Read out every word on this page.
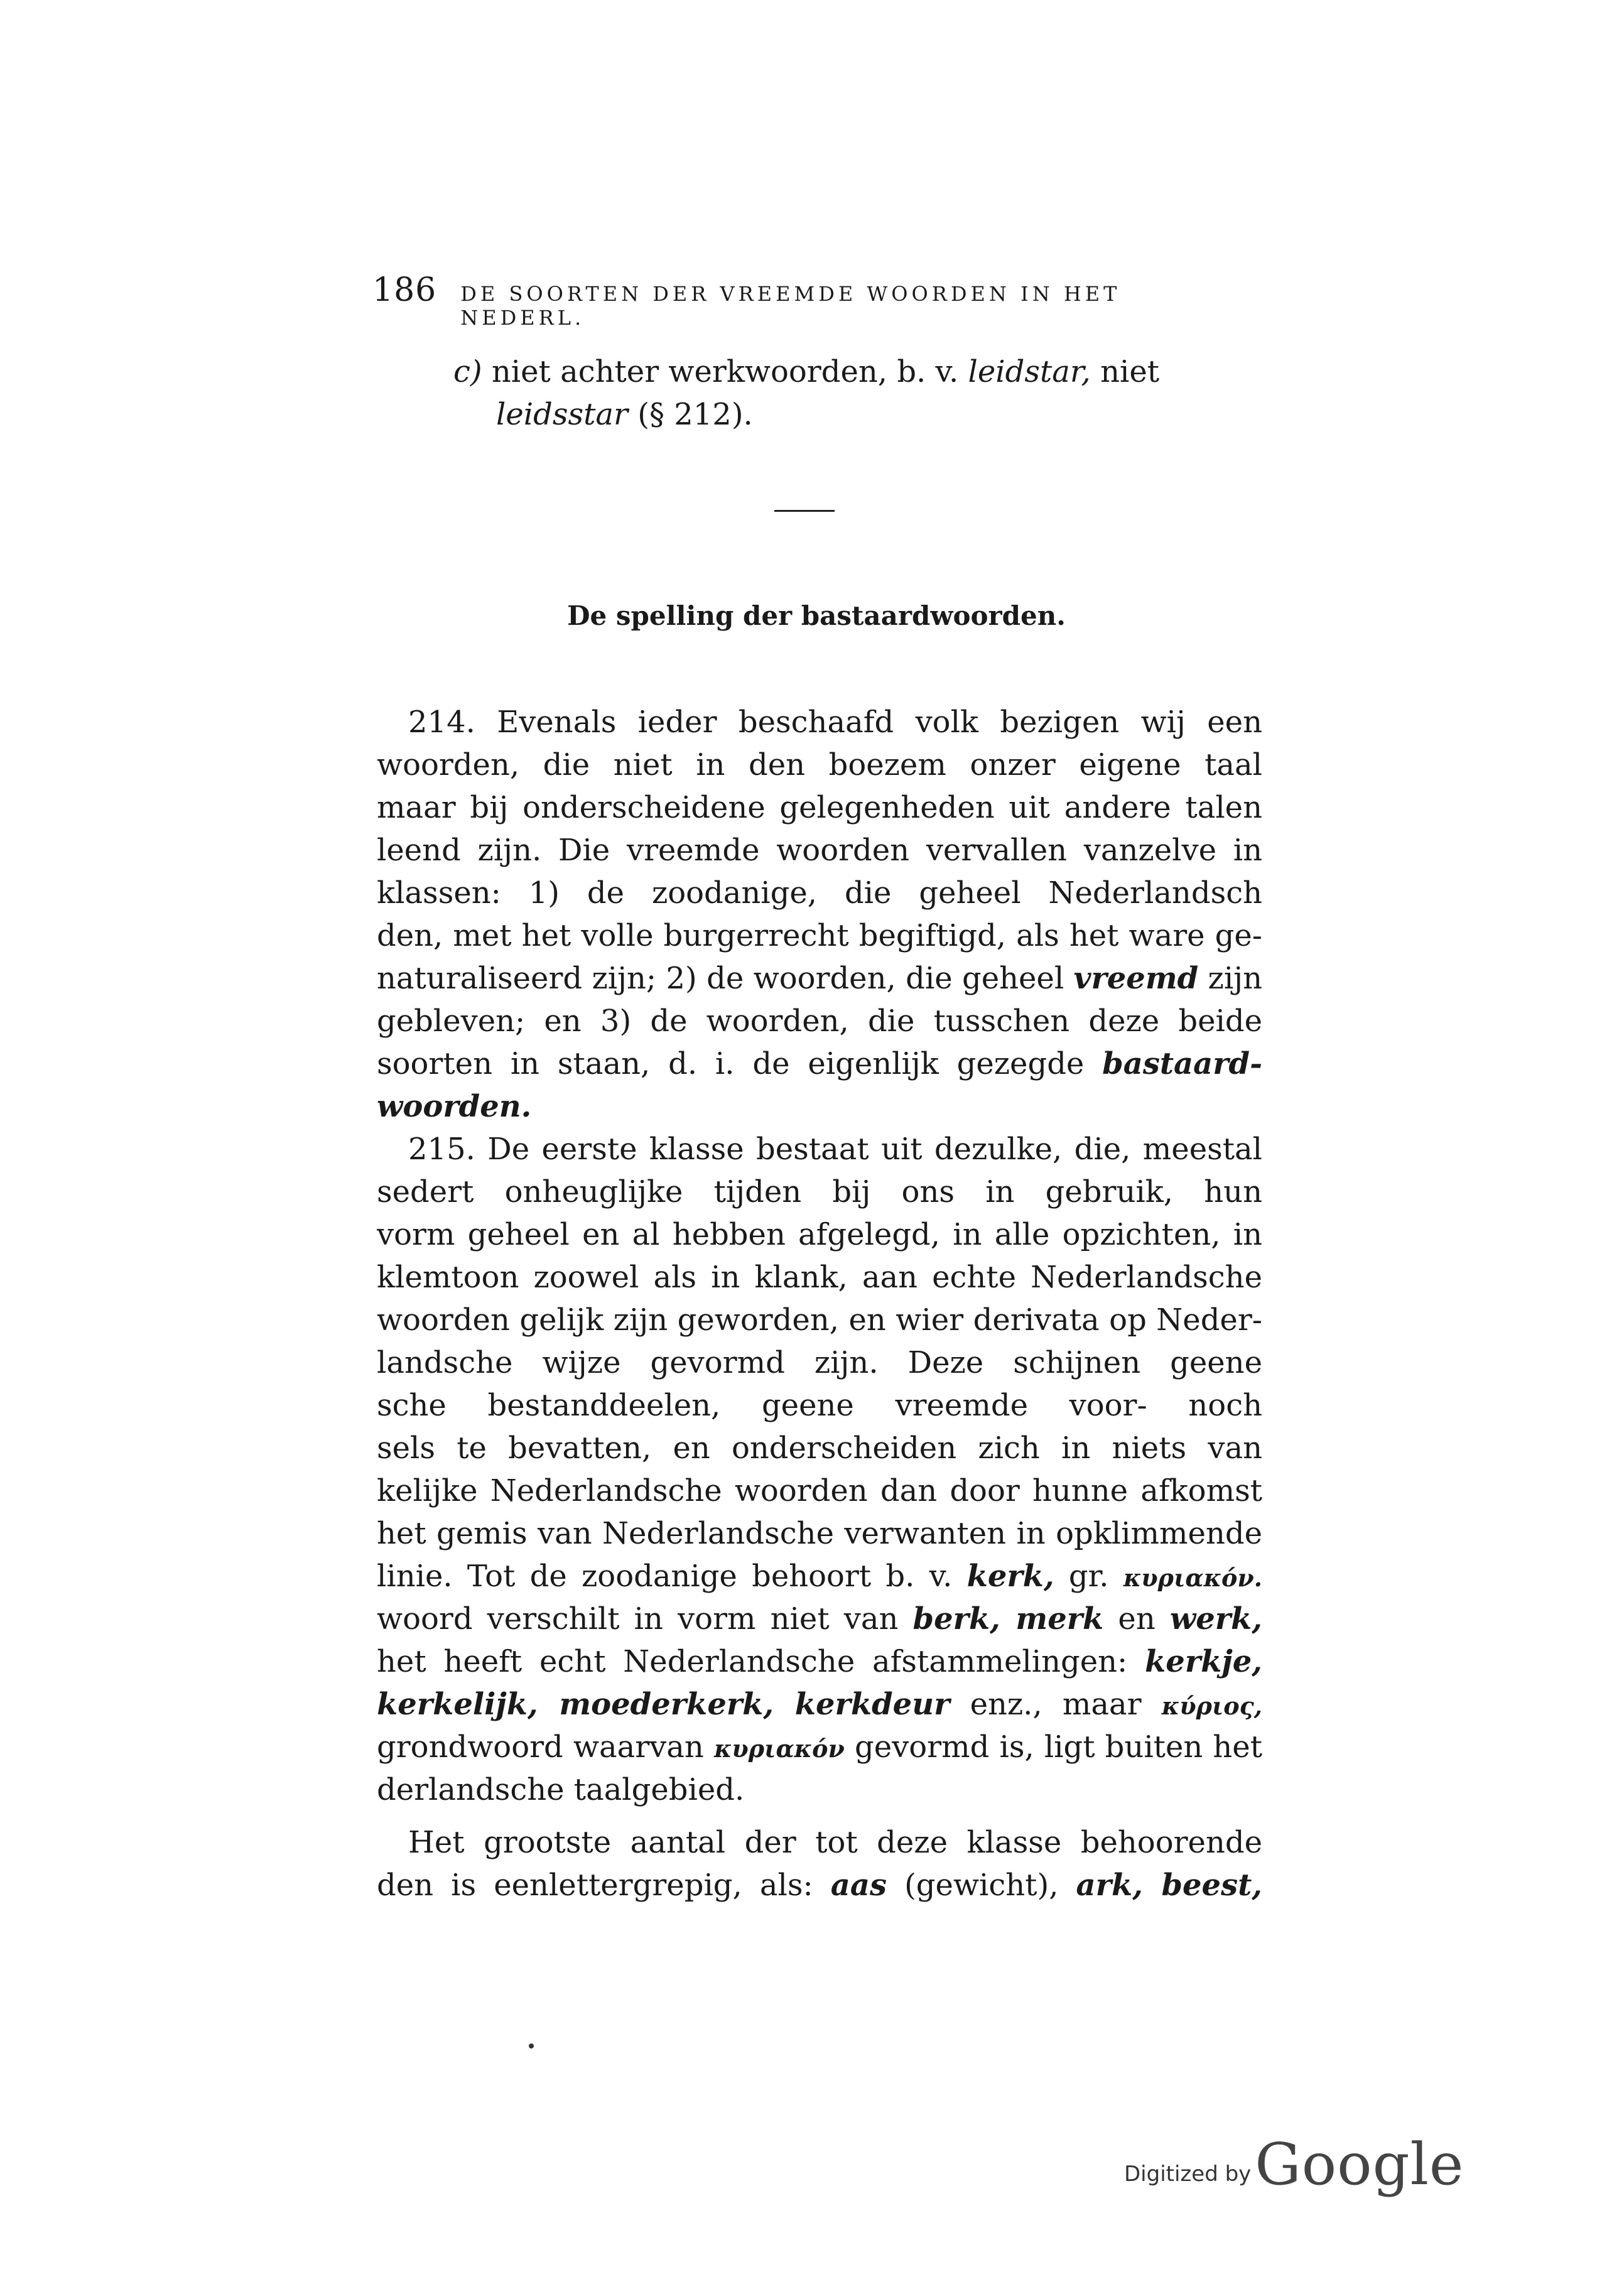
186 DE SOORTEN DER VREEMDE WOORDEN IN HET NEDERL.
c) niet achter werkwoorden, b. v. leidstar, niet
leidsstar (§ 212).
De spelling der bastaardwoorden.
214. Evenals ieder beschaafd volk bezigen wij een
woorden, die niet in den boezem onzer eigene taal
maar bij onderscheidene gelegenheden uit andere talen
leend zijn. Die vreemde woorden vervallen vanzelve in
klassen: 1) de zoodanige, die geheel Nederlandsch
den, met het volle burgerrecht begiftigd, als het ware ge-
naturaliseerd zijn; 2) de woorden, die geheel vreemd zijn
gebleven; en 3) de woorden, die tusschen deze beide
soorten in staan, d. i. de eigenlijk gezegde bastaard-
woorden.
215. De eerste klasse bestaat uit dezulke, die, meestal
sedert onheuglijke tijden bij ons in gebruik, hun
vorm geheel en al hebben afgelegd, in alle opzichten, in
klemtoon zoowel als in klank, aan echte Nederlandsche
woorden gelijk zijn geworden, en wier derivata op Neder-
landsche wijze gevormd zijn. Deze schijnen geene
sche bestanddeelen, geene vreemde voor- noch
sels te bevatten, en onderscheiden zich in niets van
kelijke Nederlandsche woorden dan door hunne afkomst
het gemis van Nederlandsche verwanten in opklimmende
linie. Tot de zoodanige behoort b. v. kerk, gr. κυριακόν.
woord verschilt in vorm niet van berk, merk en werk,
het heeft echt Nederlandsche afstammelingen: kerkje,
kerkelijk, moederkerk, kerkdeur enz., maar κύριος,
grondwoord waarvan κυριακόν gevormd is, ligt buiten het
derlandsche taalgebied.
Het grootste aantal der tot deze klasse behoorende
den is eenlettergrepig, als: aas (gewicht), ark, beest,
Digitized by Google
